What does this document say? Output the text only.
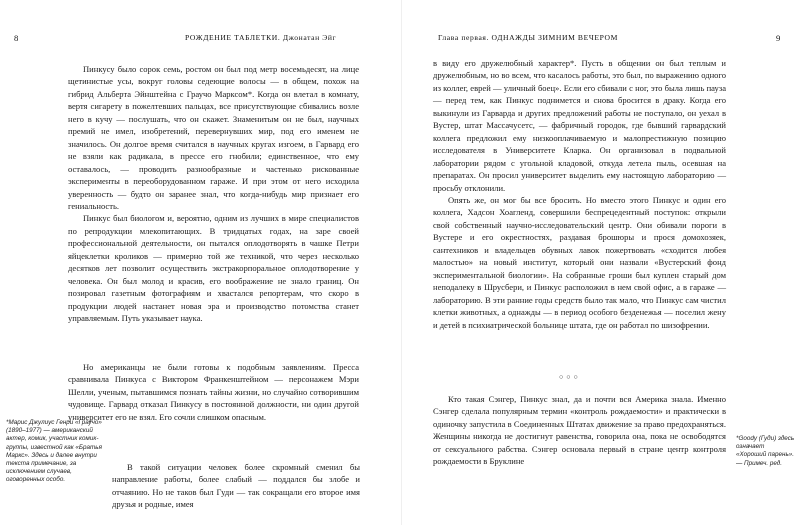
8	РОЖДЕНИЕ ТАБЛЕТКИ. Джонатан Эйг

Пинкусу было сорок семь, ростом он был под метр восемьдесят, на лице щетинистые усы, вокруг головы седеющие волосы — в общем, похож на гибрид Альберта Эйнштейна с Граучо Марксом*. Когда он влетал в комнату, вертя сигарету в пожелтевших пальцах, все присутствующие сбивались возле него в кучу — послушать, что он скажет. Знаменитым он не был, научных премий не имел, изобретений, перевернувших мир, под его именем не значилось. Он долгое время считался в научных кругах изгоем, в Гарвард его не взяли как радикала, в прессе его гнобили; единственное, что ему оставалось, — проводить разнообразные и частенько рискованные эксперименты в переоборудованном гараже. И при этом от него исходила уверенность — будто он заранее знал, что когда-нибудь мир признает его гениальность.

Пинкус был биологом и, вероятно, одним из лучших в мире специалистов по репродукции млекопитающих. В тридцатых годах, на заре своей профессиональной деятельности, он пытался оплодотворять в чашке Петри яйцеклетки кроликов — примерно той же техникой, что через несколько десятков лет позволит осуществить экстракорпоральное оплодотворение у человека. Он был молод и красив, его воображение не знало границ. Он позировал газетным фотографиям и хвастался репортерам, что скоро в продукции людей настанет новая эра и производство потомства станет управляемым. Путь указывает наука.

*Марис Джулиус Генри «Граучо» (1890–1977) — американский актер, комик, участник комик-группы, известной как «Братья Маркс». Здесь и далее внутри текста примечание, за исключением случаев, оговоренных особо.
Глава первая. ОДНАЖДЫ ЗИМНИМ ВЕЧЕРОМ	9

в виду его дружелюбный характер*. Пусть в общении он был теплым и дружелюбным, но во всем, что касалось работы, это был, по выражению одного из коллег, еврей — уличный боец». Если его сбивали с ног, это была лишь пауза — перед тем, как Пинкус поднимется и снова бросится в драку. Когда его выкинули из Гарварда и других предложений работы не поступало, он уехал в Вустер, штат Массачусетс, — фабричный городок, где бывший гарвардский коллега предложил ему низкооплачиваемую и малопрестижную позицию исследователя в Университете Кларка. Он организовал в подвальной лаборатории рядом с угольной кладовой, откуда летела пыль, осевшая на препаратах. Он просил университет выделить ему настоящую лабораторию — просьбу отклонили.

Опять же, он мог бы все бросить. Но вместо этого Пинкус и один его коллега, Хадсон Хоагленд, совершили беспрецедентный поступок: открыли свой собственный научно-исследовательский центр. Они обивали пороги в Вустере и его окрестностях, раздавая брошюры и прося домохозяек, сантехников и владельцев обувных лавок пожертвовать «сходится любея малостью» на новый институт, который они назвали «Вустерский фонд экспериментальной биологии». На собранные гроши был куплен старый дом неподалеку в Шрусбери, и Пинкус расположил в нем свой офис, а в гараже — лабораторию. В эти ранние годы средств было так мало, что Пинкус сам чистил клетки животных, а однажды — в период особого безденежья — поселил жену и детей в психиатрической больнице штата, где он работал по шизофрении.

○○○

Кто такая Сэнгер, Пинкус знал, да и почти вся Америка знала. Именно Сэнгер сделала популярным термин «контроль рождаемости» и практически в одиночку запустила в Соединенных Штатах движение за право предохраняться. Женщины никогда не достигнут равенства, говорила она, пока не освободятся от сексуального рабства. Сэнгер основала первый в стране центр контроля рождаемости в Бруклине

*Goody (Гуди) здесь означает «Хороший парень». — Примеч. ред.

Но американцы не были готовы к подобным заявлениям. Пресса сравнивала Пинкуса с Виктором Франкенштейном — персонажем Мэри Шелли, ученым, пытавшимся познать тайны жизни, но случайно сотворившим чудовище. Гарвард отказал Пинкусу в постоянной должности, ни один другой университет его не взял. Его сочли слишком опасным.

В такой ситуации человек более скромный сменил бы направление работы, более слабый — поддался бы злобе и отчаянию. Но не таков был Гуди — так сокращали его второе имя друзья и родные, имея
